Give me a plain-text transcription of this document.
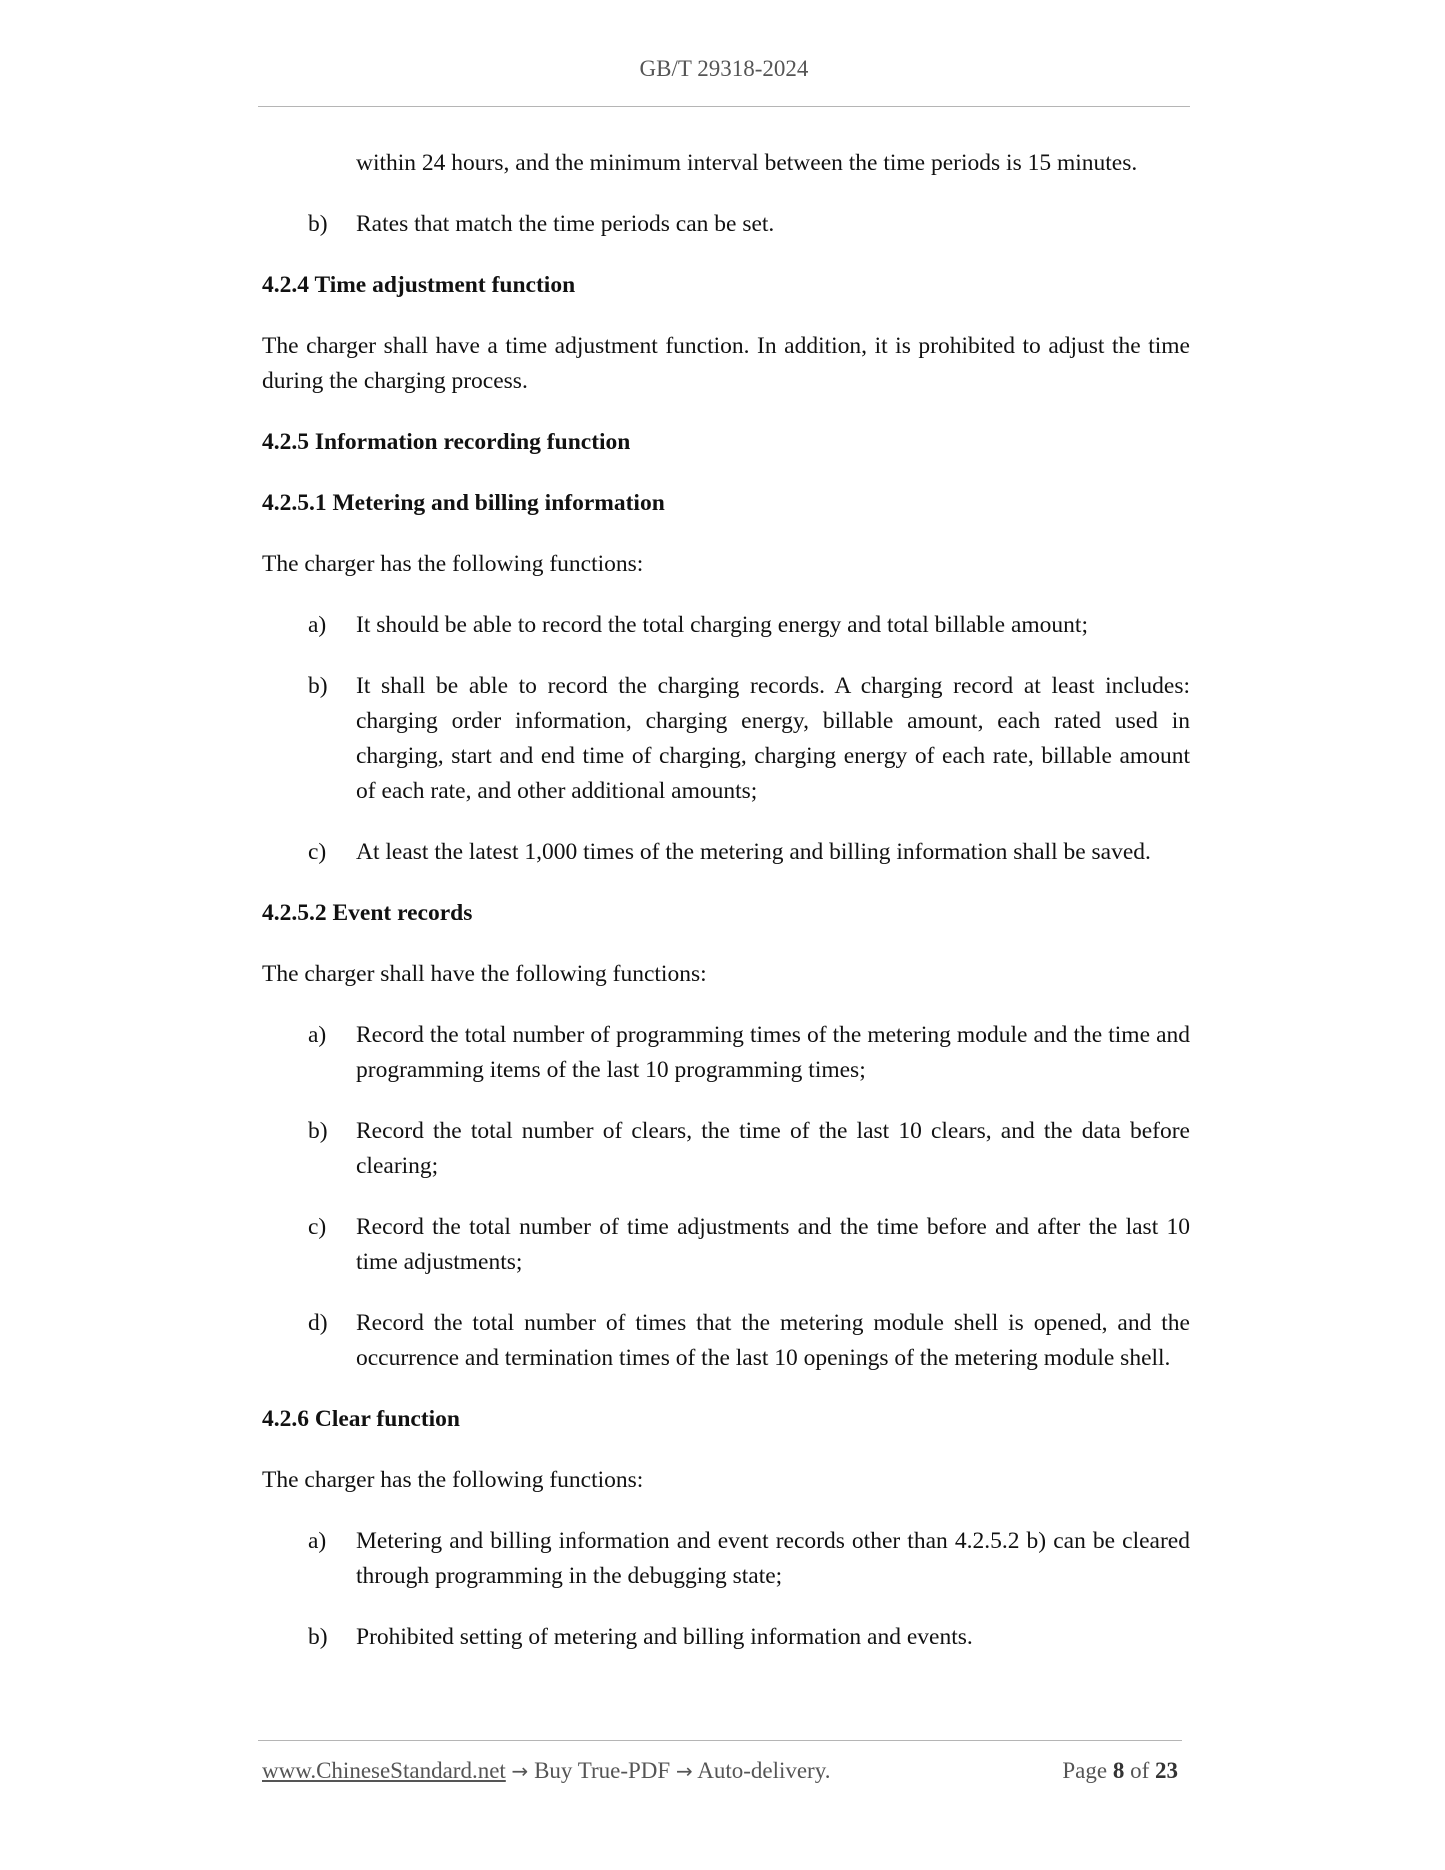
GB/T 29318-2024
within 24 hours, and the minimum interval between the time periods is 15 minutes.
b)	Rates that match the time periods can be set.
4.2.4 Time adjustment function
The charger shall have a time adjustment function. In addition, it is prohibited to adjust the time during the charging process.
4.2.5 Information recording function
4.2.5.1 Metering and billing information
The charger has the following functions:
a)	It should be able to record the total charging energy and total billable amount;
b)	It shall be able to record the charging records. A charging record at least includes: charging order information, charging energy, billable amount, each rated used in charging, start and end time of charging, charging energy of each rate, billable amount of each rate, and other additional amounts;
c)	At least the latest 1,000 times of the metering and billing information shall be saved.
4.2.5.2 Event records
The charger shall have the following functions:
a)	Record the total number of programming times of the metering module and the time and programming items of the last 10 programming times;
b)	Record the total number of clears, the time of the last 10 clears, and the data before clearing;
c)	Record the total number of time adjustments and the time before and after the last 10 time adjustments;
d)	Record the total number of times that the metering module shell is opened, and the occurrence and termination times of the last 10 openings of the metering module shell.
4.2.6 Clear function
The charger has the following functions:
a)	Metering and billing information and event records other than 4.2.5.2 b) can be cleared through programming in the debugging state;
b)	Prohibited setting of metering and billing information and events.
www.ChineseStandard.net → Buy True-PDF → Auto-delivery.	Page 8 of 23
